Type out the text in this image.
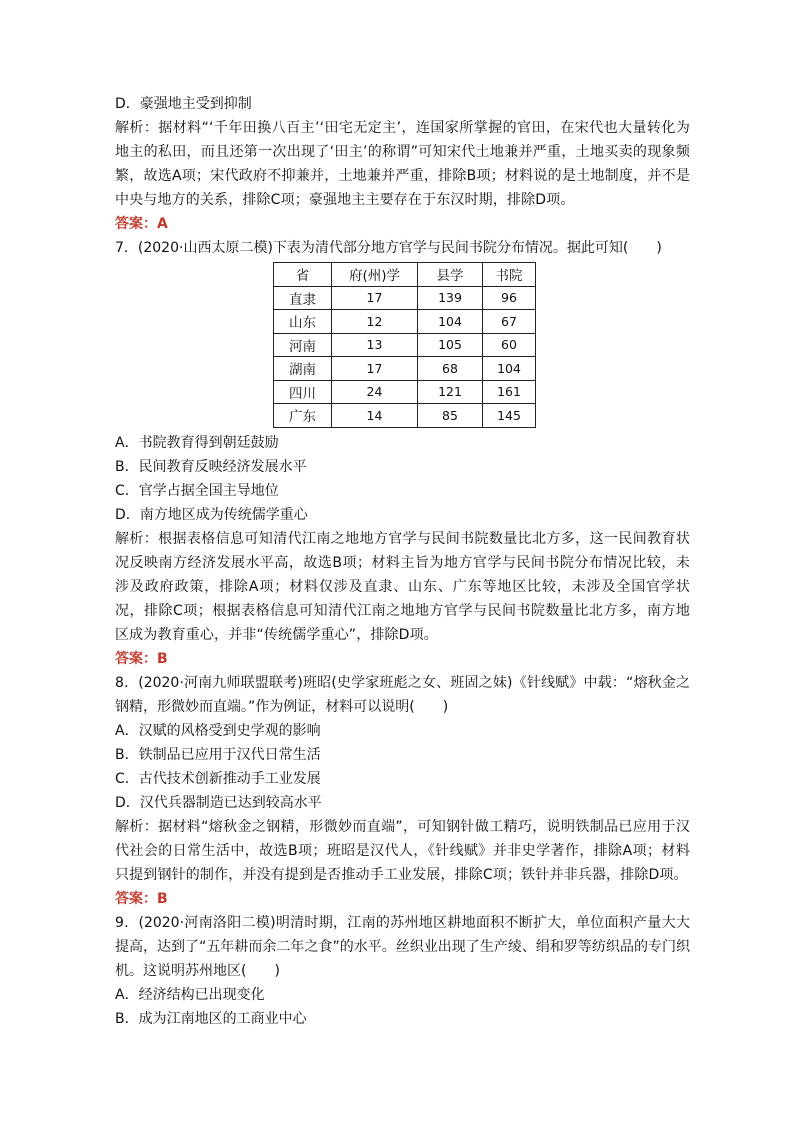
D．豪强地主受到抑制
解析：据材料“‘千年田换八百主’‘田宅无定主’，连国家所掌握的官田，在宋代也大量转化为地主的私田，而且还第一次出现了‘田主’的称谓”可知宋代土地兼并严重，土地买卖的现象频繁，故选A项；宋代政府不抑兼并，土地兼并严重，排除B项；材料说的是土地制度，并不是中央与地方的关系，排除C项；豪强地主主要存在于东汉时期，排除D项。
答案：A
7．(2020·山西太原二模)下表为清代部分地方官学与民间书院分布情况。据此可知(　　)
省	府(州)学	县学	书院
直隶	17	139	96
山东	12	104	67
河南	13	105	60
湖南	17	68	104
四川	24	121	161
广东	14	85	145
A．书院教育得到朝廷鼓励
B．民间教育反映经济发展水平
C．官学占据全国主导地位
D．南方地区成为传统儒学重心
解析：根据表格信息可知清代江南之地地方官学与民间书院数量比北方多，这一民间教育状况反映南方经济发展水平高，故选B项；材料主旨为地方官学与民间书院分布情况比较，未涉及政府政策，排除A项；材料仅涉及直隶、山东、广东等地区比较，未涉及全国官学状况，排除C项；根据表格信息可知清代江南之地地方官学与民间书院数量比北方多，南方地区成为教育重心，并非“传统儒学重心”，排除D项。
答案：B
8．(2020·河南九师联盟联考)班昭(史学家班彪之女、班固之妹)《针线赋》中载：“熔秋金之钢精，形微妙而直端。”作为例证，材料可以说明(　　)
A．汉赋的风格受到史学观的影响
B．铁制品已应用于汉代日常生活
C．古代技术创新推动手工业发展
D．汉代兵器制造已达到较高水平
解析：据材料“熔秋金之钢精，形微妙而直端”，可知钢针做工精巧，说明铁制品已应用于汉代社会的日常生活中，故选B项；班昭是汉代人，《针线赋》并非史学著作，排除A项；材料只提到钢针的制作，并没有提到是否推动手工业发展，排除C项；铁针并非兵器，排除D项。
答案：B
9．(2020·河南洛阳二模)明清时期，江南的苏州地区耕地面积不断扩大，单位面积产量大大提高，达到了“五年耕而余二年之食”的水平。丝织业出现了生产绫、绢和罗等纺织品的专门织机。这说明苏州地区(　　)
A．经济结构已出现变化
B．成为江南地区的工商业中心
